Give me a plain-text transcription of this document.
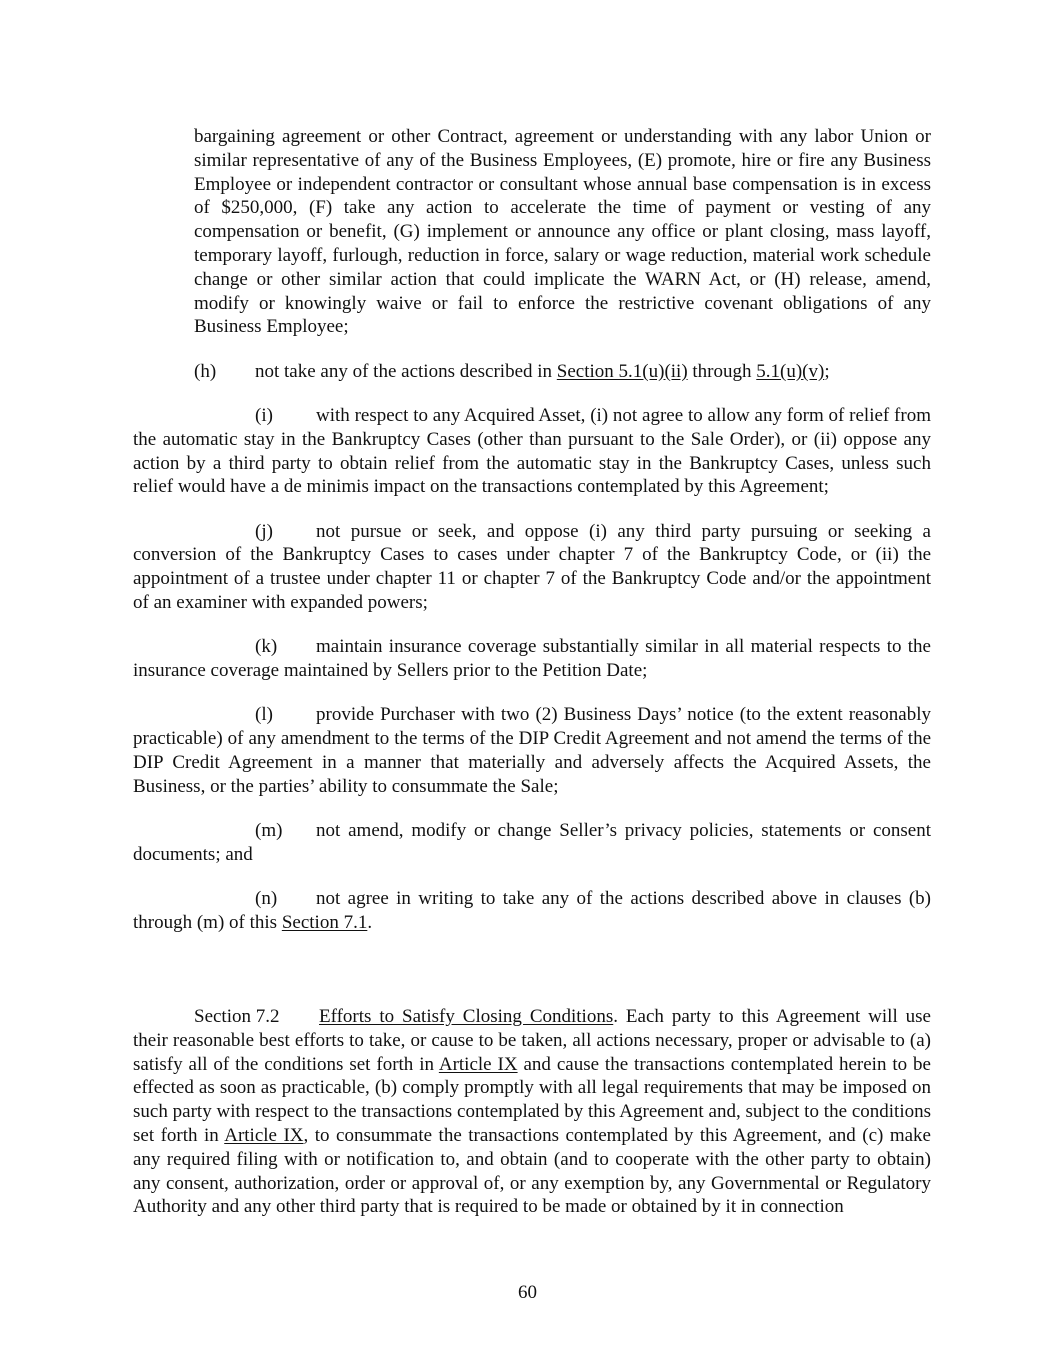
bargaining agreement or other Contract, agreement or understanding with any labor Union or similar representative of any of the Business Employees, (E) promote, hire or fire any Business Employee or independent contractor or consultant whose annual base compensation is in excess of $250,000, (F) take any action to accelerate the time of payment or vesting of any compensation or benefit, (G) implement or announce any office or plant closing, mass layoff, temporary layoff, furlough, reduction in force, salary or wage reduction, material work schedule change or other similar action that could implicate the WARN Act, or (H) release, amend, modify or knowingly waive or fail to enforce the restrictive covenant obligations of any Business Employee;

(h) not take any of the actions described in Section 5.1(u)(ii) through 5.1(u)(v);
(i) with respect to any Acquired Asset, (i) not agree to allow any form of relief from the automatic stay in the Bankruptcy Cases (other than pursuant to the Sale Order), or (ii) oppose any action by a third party to obtain relief from the automatic stay in the Bankruptcy Cases, unless such relief would have a de minimis impact on the transactions contemplated by this Agreement;
(j) not pursue or seek, and oppose (i) any third party pursuing or seeking a conversion of the Bankruptcy Cases to cases under chapter 7 of the Bankruptcy Code, or (ii) the appointment of a trustee under chapter 11 or chapter 7 of the Bankruptcy Code and/or the appointment of an examiner with expanded powers;
(k) maintain insurance coverage substantially similar in all material respects to the insurance coverage maintained by Sellers prior to the Petition Date;
(l) provide Purchaser with two (2) Business Days’ notice (to the extent reasonably practicable) of any amendment to the terms of the DIP Credit Agreement and not amend the terms of the DIP Credit Agreement in a manner that materially and adversely affects the Acquired Assets, the Business, or the parties’ ability to consummate the Sale;
(m) not amend, modify or change Seller’s privacy policies, statements or consent documents; and
(n) not agree in writing to take any of the actions described above in clauses (b) through (m) of this Section 7.1.
Section 7.2 Efforts to Satisfy Closing Conditions. Each party to this Agreement will use their reasonable best efforts to take, or cause to be taken, all actions necessary, proper or advisable to (a) satisfy all of the conditions set forth in Article IX and cause the transactions contemplated herein to be effected as soon as practicable, (b) comply promptly with all legal requirements that may be imposed on such party with respect to the transactions contemplated by this Agreement and, subject to the conditions set forth in Article IX, to consummate the transactions contemplated by this Agreement, and (c) make any required filing with or notification to, and obtain (and to cooperate with the other party to obtain) any consent, authorization, order or approval of, or any exemption by, any Governmental or Regulatory Authority and any other third party that is required to be made or obtained by it in connection
60
